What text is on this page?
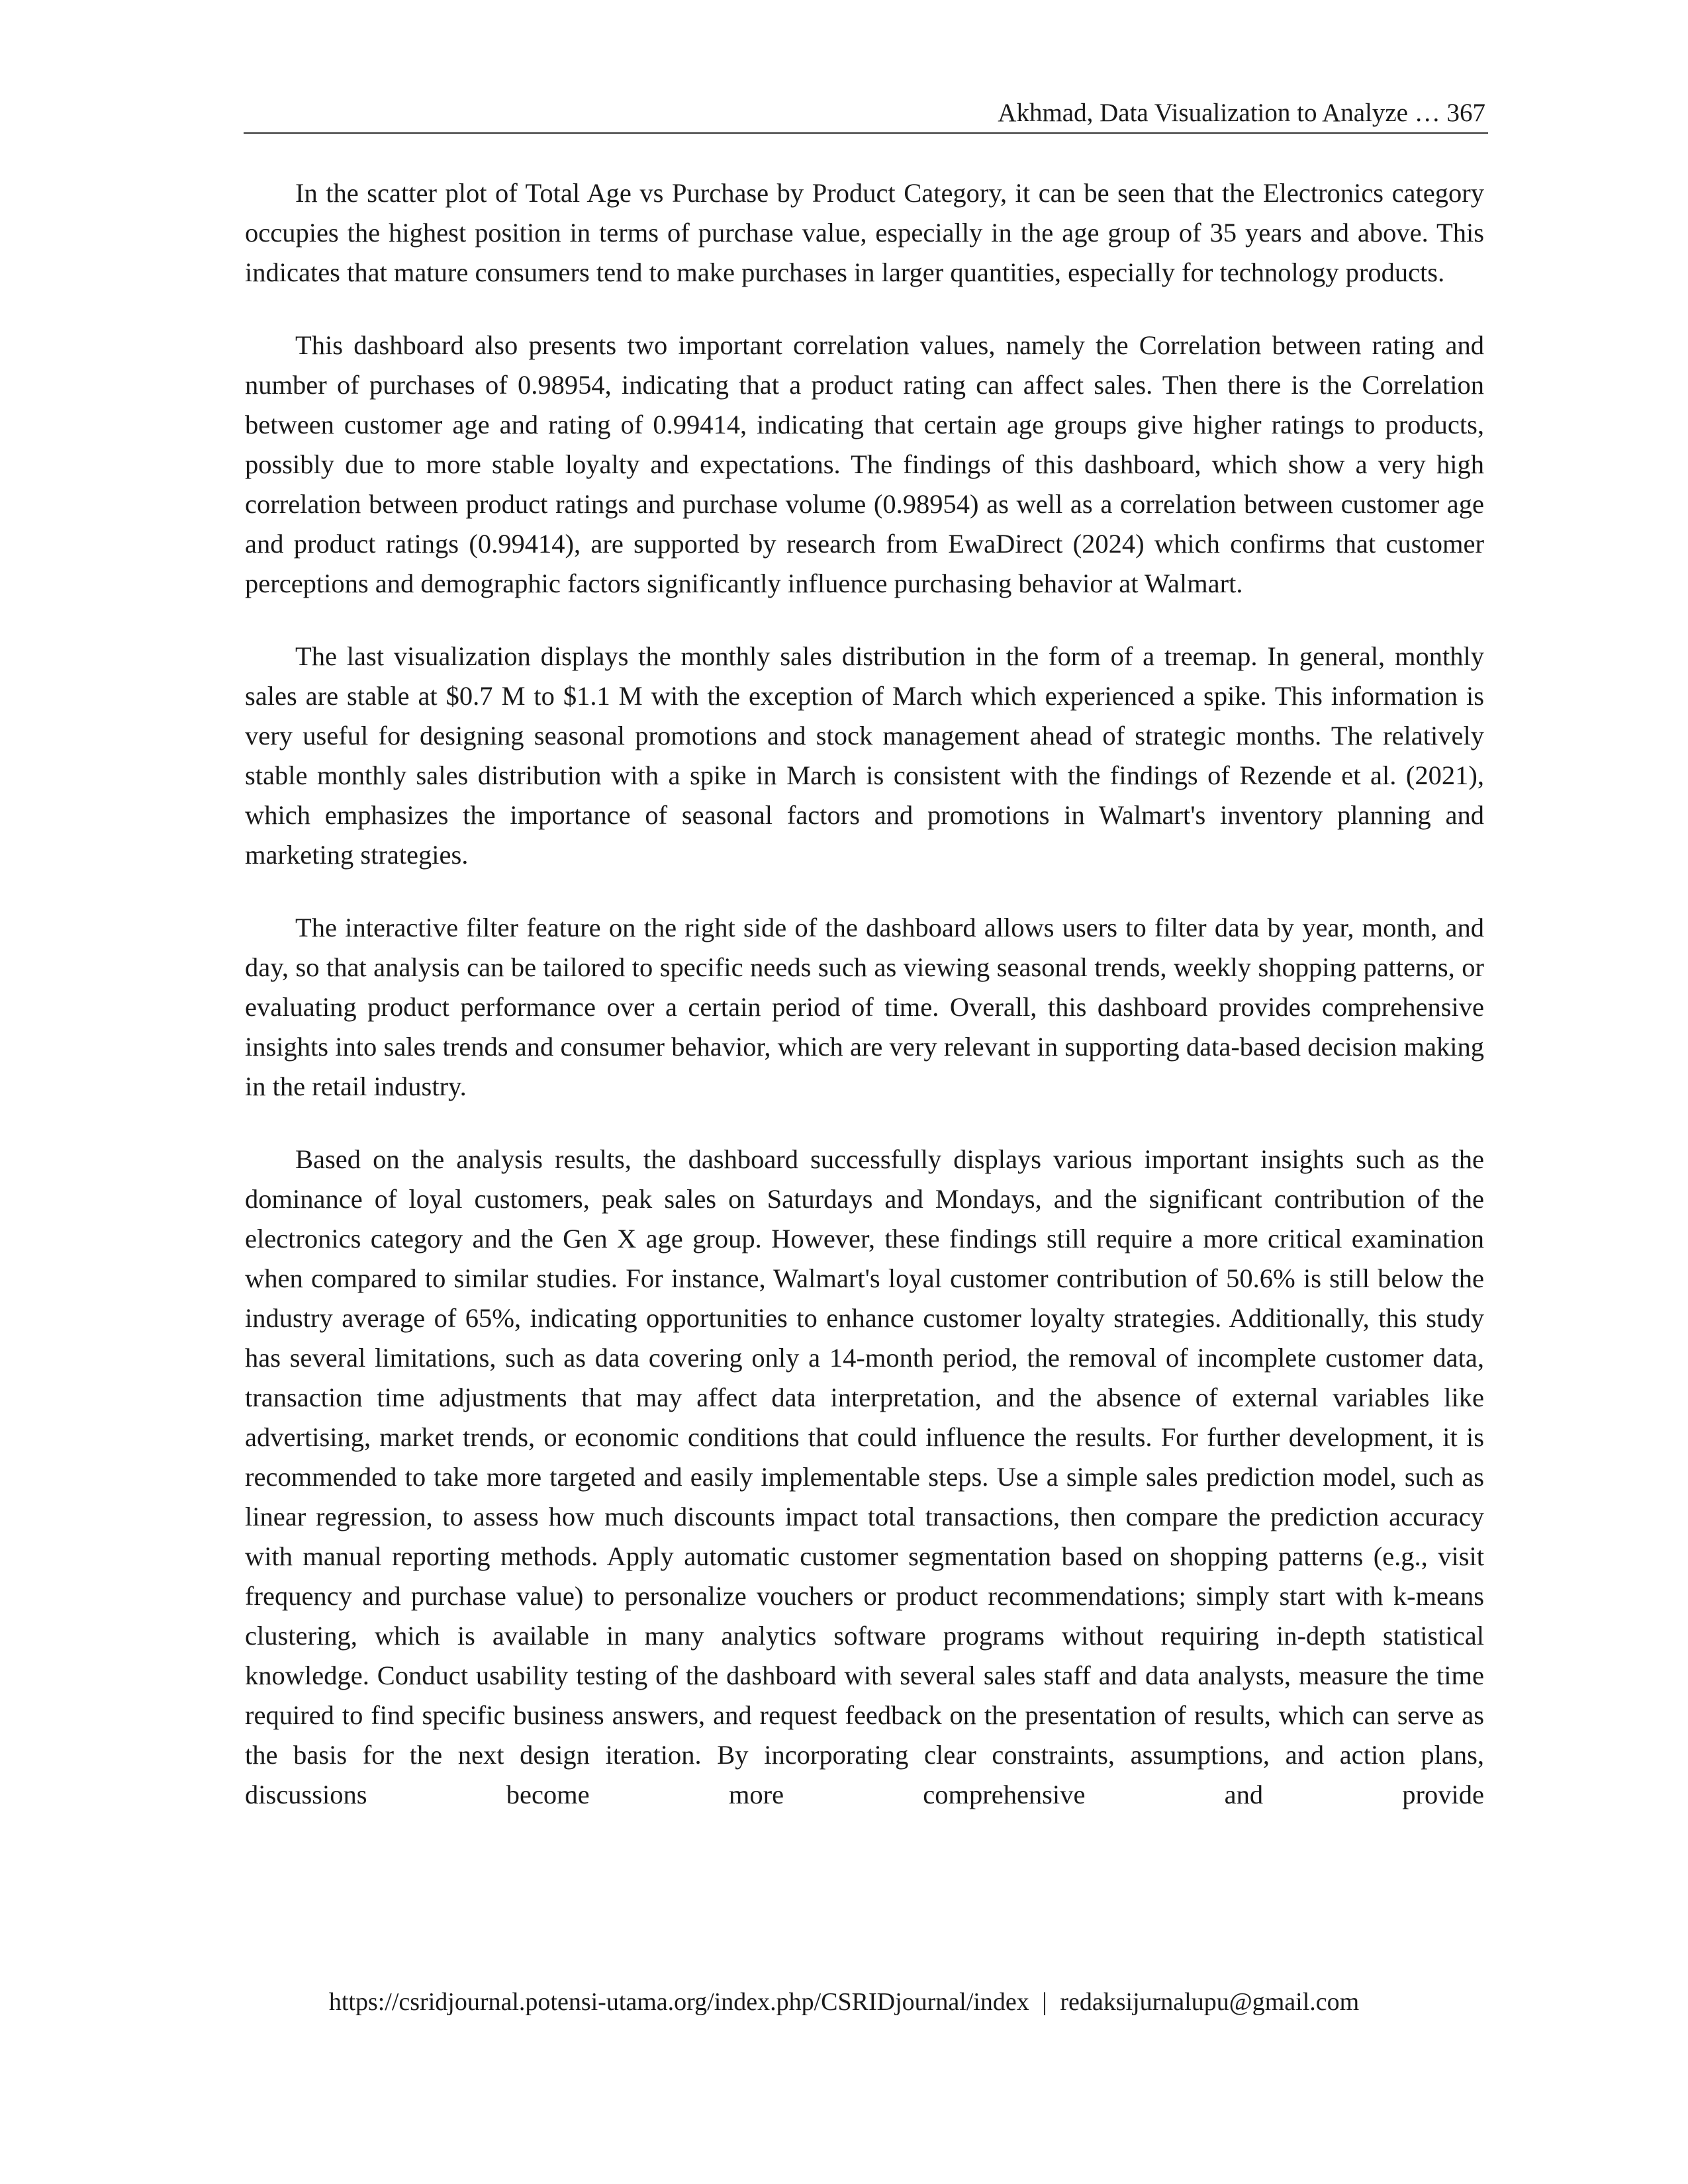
Akhmad, Data Visualization to Analyze … 367

In the scatter plot of Total Age vs Purchase by Product Category, it can be seen that the Electronics category occupies the highest position in terms of purchase value, especially in the age group of 35 years and above. This indicates that mature consumers tend to make purchases in larger quantities, especially for technology products.

This dashboard also presents two important correlation values, namely the Correlation between rating and number of purchases of 0.98954, indicating that a product rating can affect sales. Then there is the Correlation between customer age and rating of 0.99414, indicating that certain age groups give higher ratings to products, possibly due to more stable loyalty and expectations. The findings of this dashboard, which show a very high correlation between product ratings and purchase volume (0.98954) as well as a correlation between customer age and product ratings (0.99414), are supported by research from EwaDirect (2024) which confirms that customer perceptions and demographic factors significantly influence purchasing behavior at Walmart.

The last visualization displays the monthly sales distribution in the form of a treemap. In general, monthly sales are stable at $0.7 M to $1.1 M with the exception of March which experienced a spike. This information is very useful for designing seasonal promotions and stock management ahead of strategic months. The relatively stable monthly sales distribution with a spike in March is consistent with the findings of Rezende et al. (2021), which emphasizes the importance of seasonal factors and promotions in Walmart's inventory planning and marketing strategies.

The interactive filter feature on the right side of the dashboard allows users to filter data by year, month, and day, so that analysis can be tailored to specific needs such as viewing seasonal trends, weekly shopping patterns, or evaluating product performance over a certain period of time. Overall, this dashboard provides comprehensive insights into sales trends and consumer behavior, which are very relevant in supporting data-based decision making in the retail industry.

Based on the analysis results, the dashboard successfully displays various important insights such as the dominance of loyal customers, peak sales on Saturdays and Mondays, and the significant contribution of the electronics category and the Gen X age group. However, these findings still require a more critical examination when compared to similar studies. For instance, Walmart's loyal customer contribution of 50.6% is still below the industry average of 65%, indicating opportunities to enhance customer loyalty strategies. Additionally, this study has several limitations, such as data covering only a 14-month period, the removal of incomplete customer data, transaction time adjustments that may affect data interpretation, and the absence of external variables like advertising, market trends, or economic conditions that could influence the results. For further development, it is recommended to take more targeted and easily implementable steps. Use a simple sales prediction model, such as linear regression, to assess how much discounts impact total transactions, then compare the prediction accuracy with manual reporting methods. Apply automatic customer segmentation based on shopping patterns (e.g., visit frequency and purchase value) to personalize vouchers or product recommendations; simply start with k-means clustering, which is available in many analytics software programs without requiring in-depth statistical knowledge. Conduct usability testing of the dashboard with several sales staff and data analysts, measure the time required to find specific business answers, and request feedback on the presentation of results, which can serve as the basis for the next design iteration. By incorporating clear constraints, assumptions, and action plans, discussions become more comprehensive and provide

https://csridjournal.potensi-utama.org/index.php/CSRIDjournal/index | redaksijurnalupu@gmail.com
